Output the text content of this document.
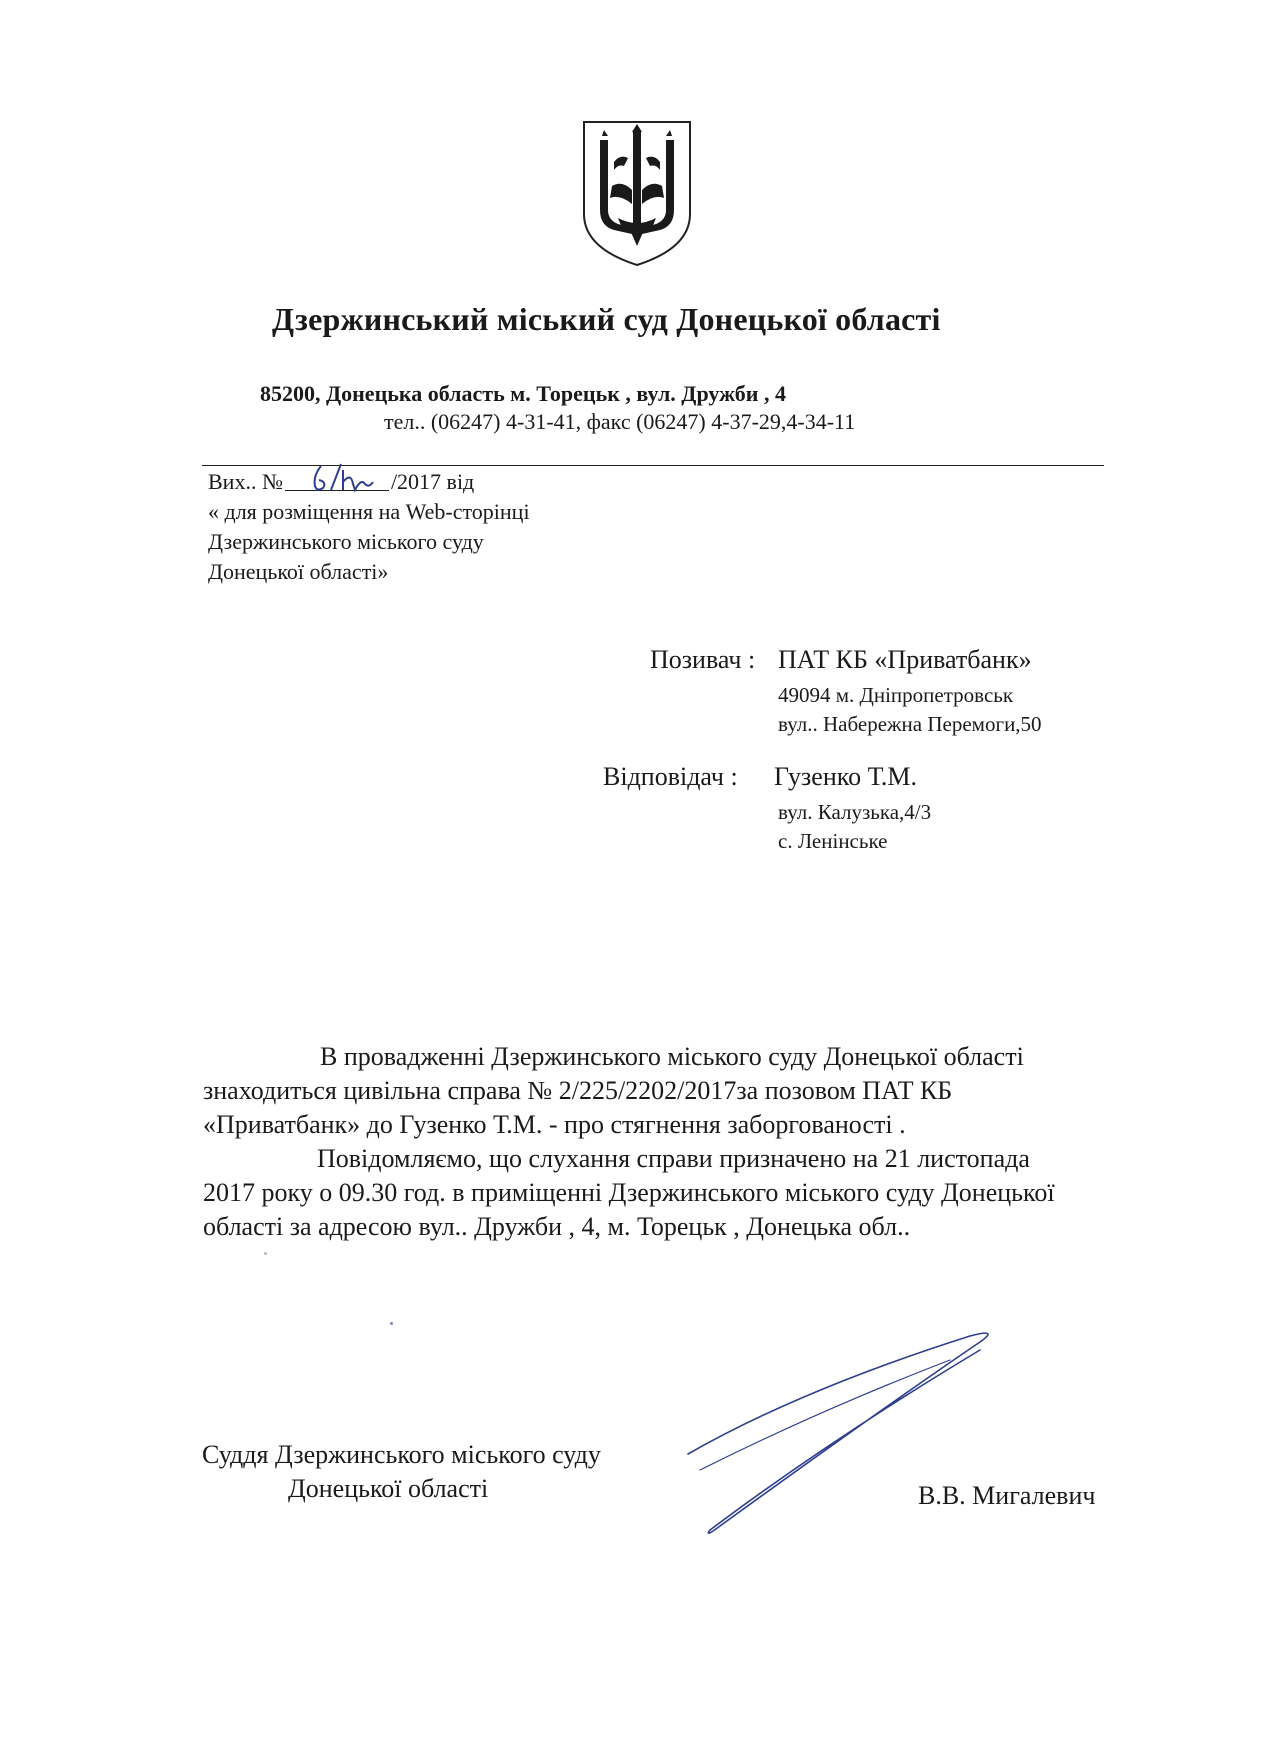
Дзержинський міський суд Донецької області
85200, Донецька область м. Торецьк , вул. Дружби , 4
тел.. (06247) 4-31-41, факс (06247) 4-37-29,4-34-11
Вих.. №	/2017 від
« для розміщення на Web-сторінці
Дзержинського міського суду
Донецької області»
Позивач : ПАТ КБ «Приватбанк»
49094 м. Дніпропетровськ
вул.. Набережна Перемоги,50
Відповідач : Гузенко Т.М.
вул. Калузька,4/3
с. Ленінське
В провадженні Дзержинського міського суду Донецької області
знаходиться цивільна справа № 2/225/2202/2017за позовом ПАТ КБ
«Приватбанк» до Гузенко Т.М. - про стягнення заборгованості .
Повідомляємо, що слухання справи призначено на 21 листопада
2017 року о 09.30 год. в приміщенні Дзержинського міського суду Донецької
області за адресою вул.. Дружби , 4, м. Торецьк , Донецька обл..
Суддя Дзержинського міського суду
Донецької області	В.В. Мигалевич
